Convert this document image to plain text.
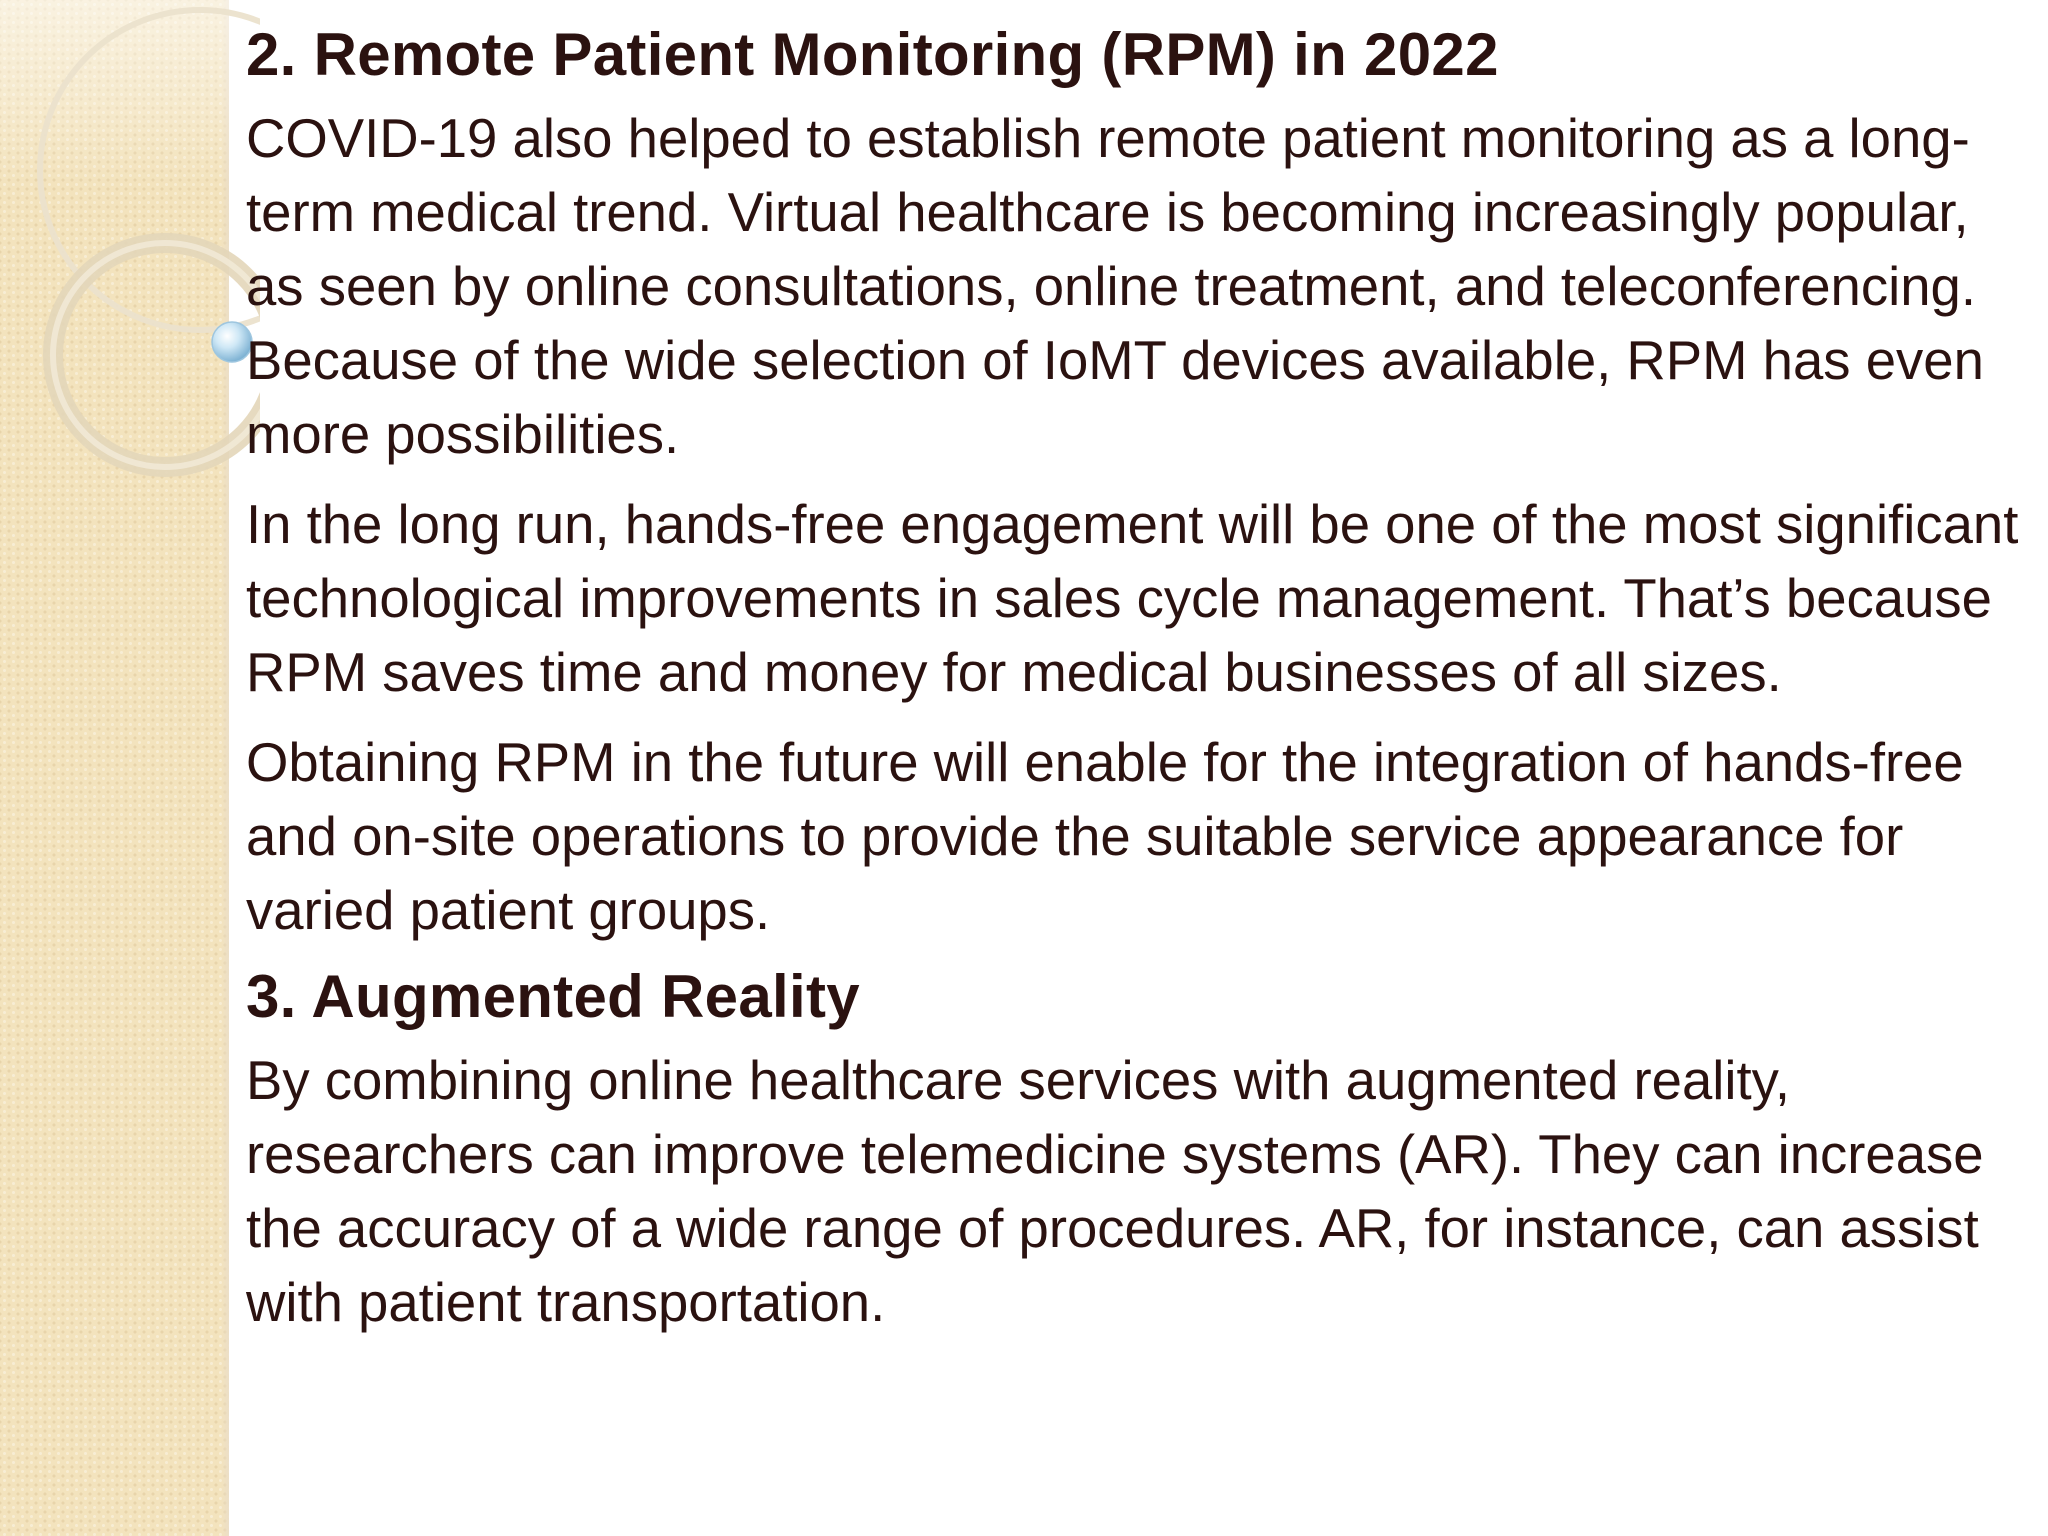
2. Remote Patient Monitoring (RPM) in 2022

COVID-19 also helped to establish remote patient monitoring as a long-term medical trend. Virtual healthcare is becoming increasingly popular, as seen by online consultations, online treatment, and teleconferencing. Because of the wide selection of IoMT devices available, RPM has even more possibilities.

In the long run, hands-free engagement will be one of the most significant technological improvements in sales cycle management. That’s because RPM saves time and money for medical businesses of all sizes.

Obtaining RPM in the future will enable for the integration of hands-free and on-site operations to provide the suitable service appearance for varied patient groups.

3. Augmented Reality

By combining online healthcare services with augmented reality, researchers can improve telemedicine systems (AR). They can increase the accuracy of a wide range of procedures. AR, for instance, can assist with patient transportation.
